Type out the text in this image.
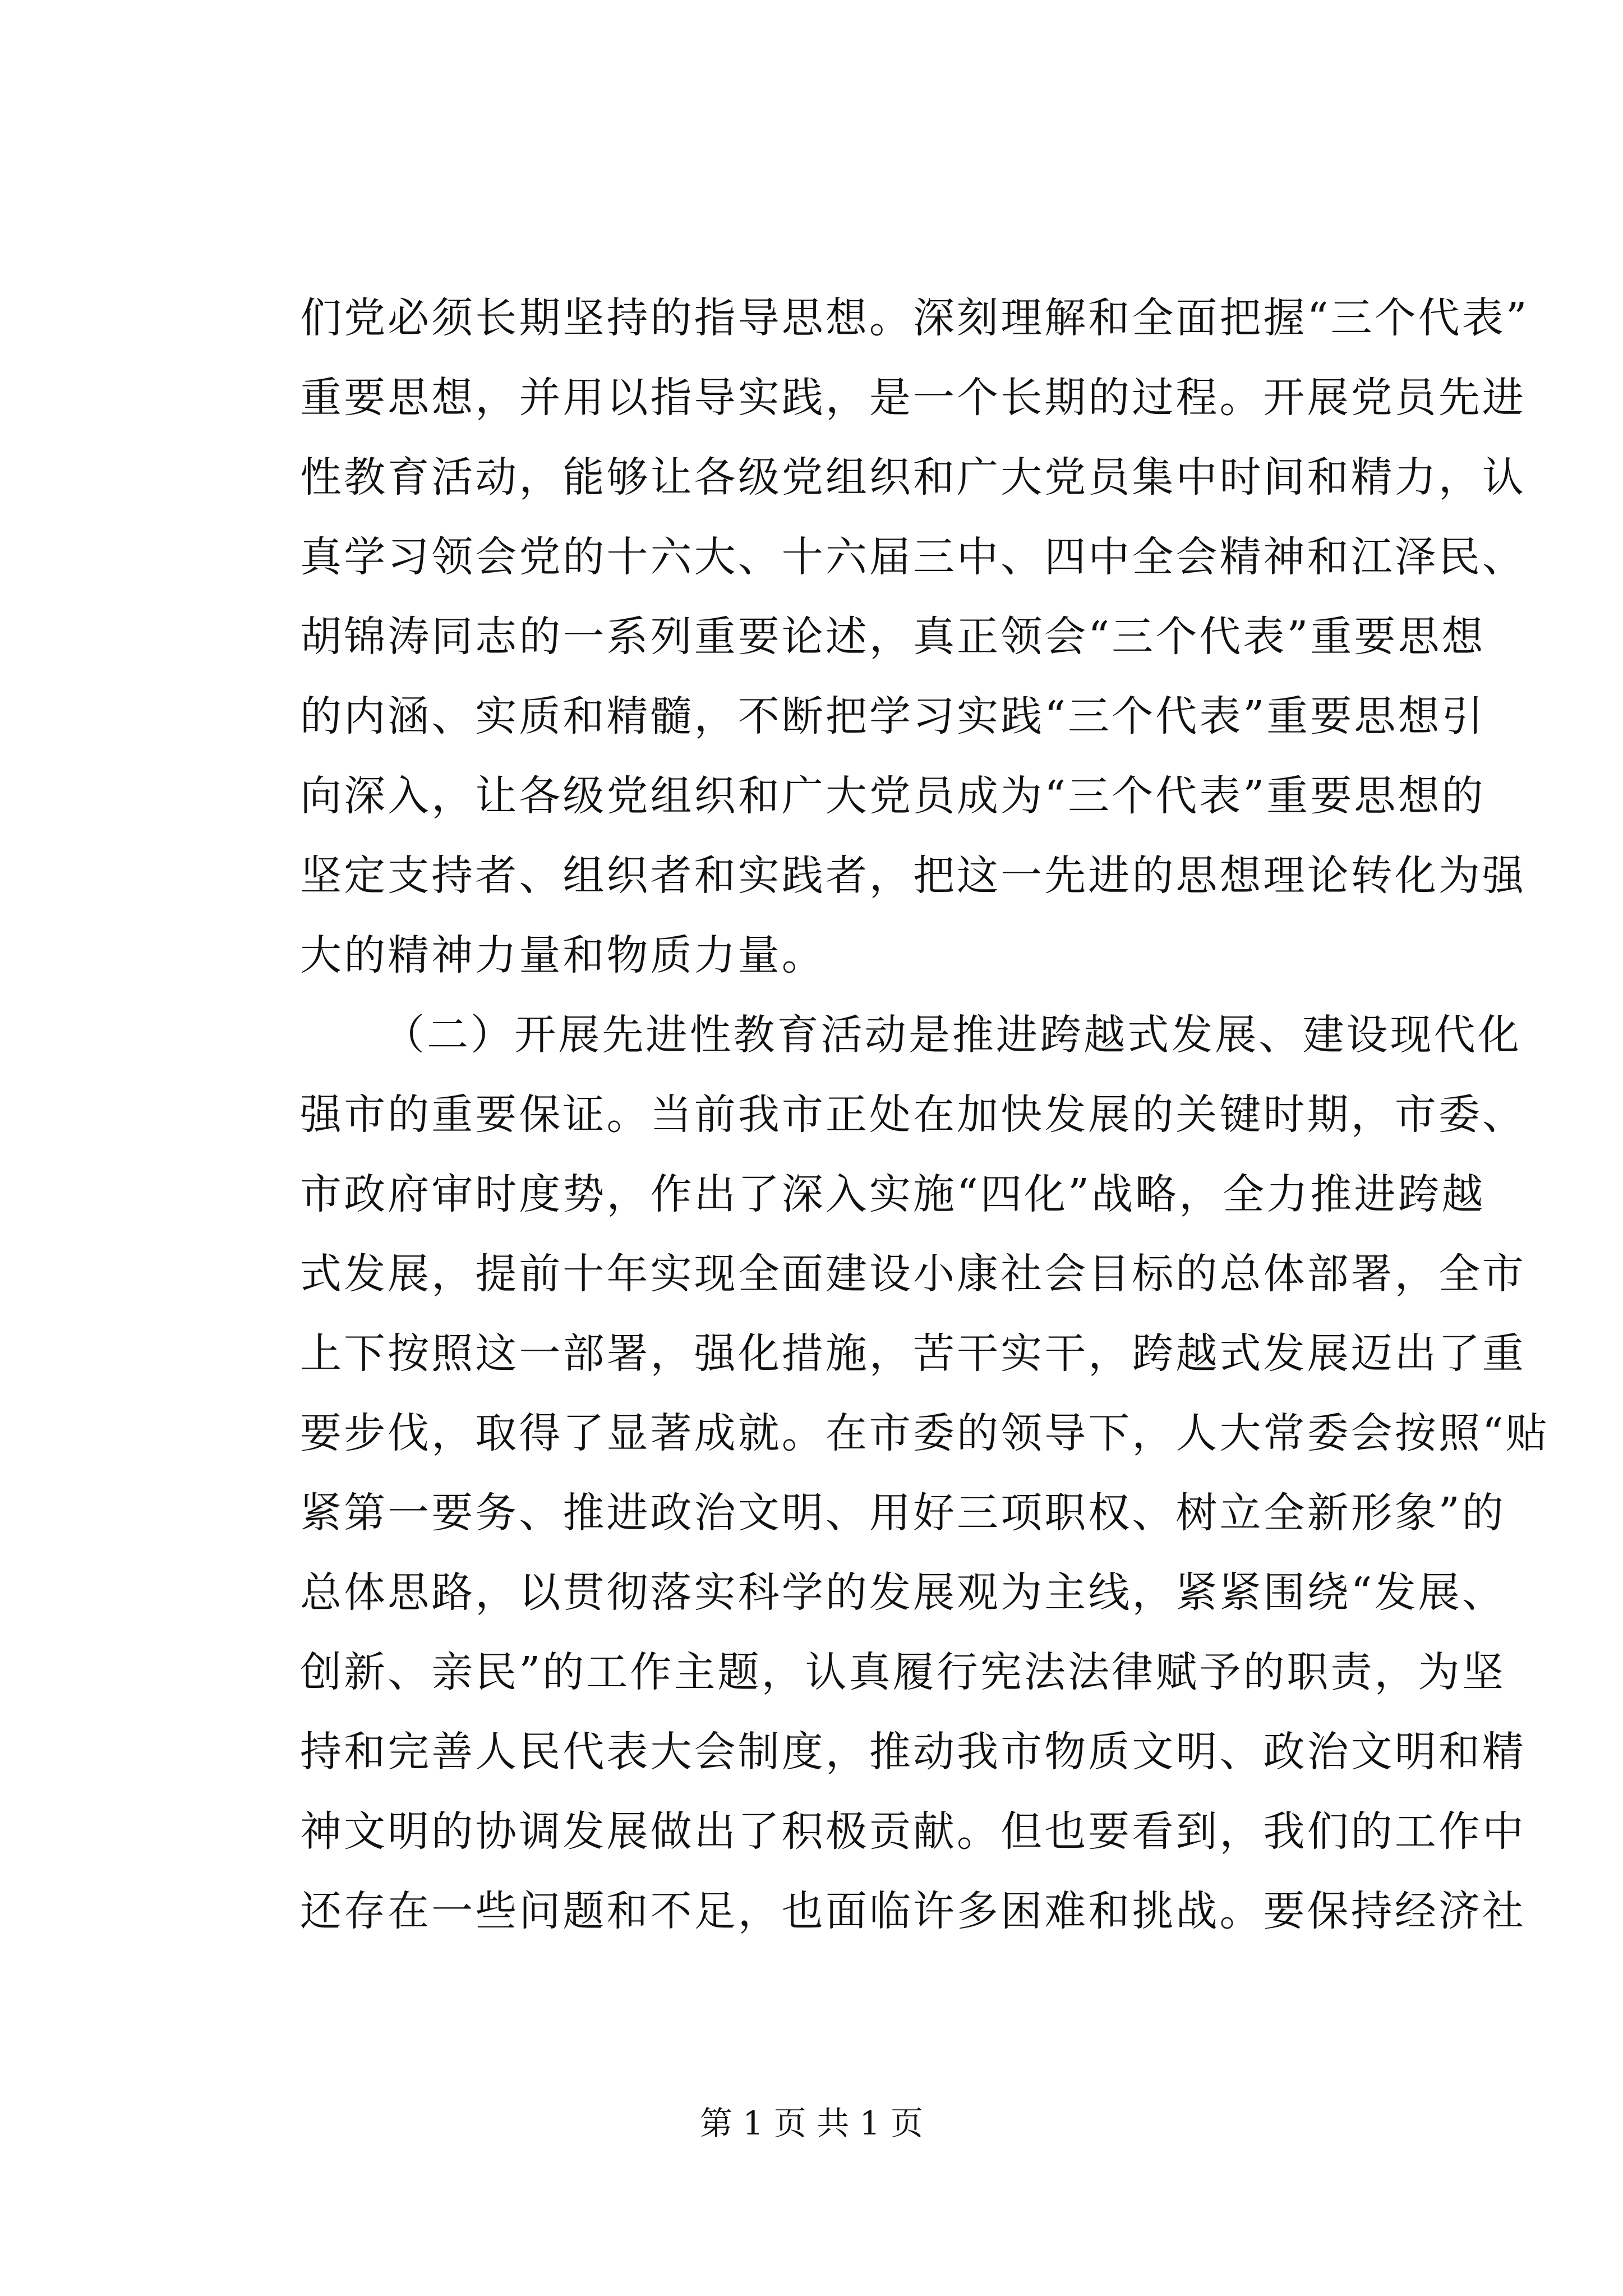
们党必须长期坚持的指导思想。深刻理解和全面把握“三个代表”
重要思想，并用以指导实践，是一个长期的过程。开展党员先进
性教育活动，能够让各级党组织和广大党员集中时间和精力，认
真学习领会党的十六大、十六届三中、四中全会精神和江泽民、
胡锦涛同志的一系列重要论述，真正领会“三个代表”重要思想
的内涵、实质和精髓，不断把学习实践“三个代表”重要思想引
向深入，让各级党组织和广大党员成为“三个代表”重要思想的
坚定支持者、组织者和实践者，把这一先进的思想理论转化为强
大的精神力量和物质力量。
（二）开展先进性教育活动是推进跨越式发展、建设现代化
强市的重要保证。当前我市正处在加快发展的关键时期，市委、
市政府审时度势，作出了深入实施“四化”战略，全力推进跨越
式发展，提前十年实现全面建设小康社会目标的总体部署，全市
上下按照这一部署，强化措施，苦干实干，跨越式发展迈出了重
要步伐，取得了显著成就。在市委的领导下，人大常委会按照“贴
紧第一要务、推进政治文明、用好三项职权、树立全新形象”的
总体思路，以贯彻落实科学的发展观为主线，紧紧围绕“发展、
创新、亲民”的工作主题，认真履行宪法法律赋予的职责，为坚
持和完善人民代表大会制度，推动我市物质文明、政治文明和精
神文明的协调发展做出了积极贡献。但也要看到，我们的工作中
还存在一些问题和不足，也面临许多困难和挑战。要保持经济社
第 1 页 共 1 页
